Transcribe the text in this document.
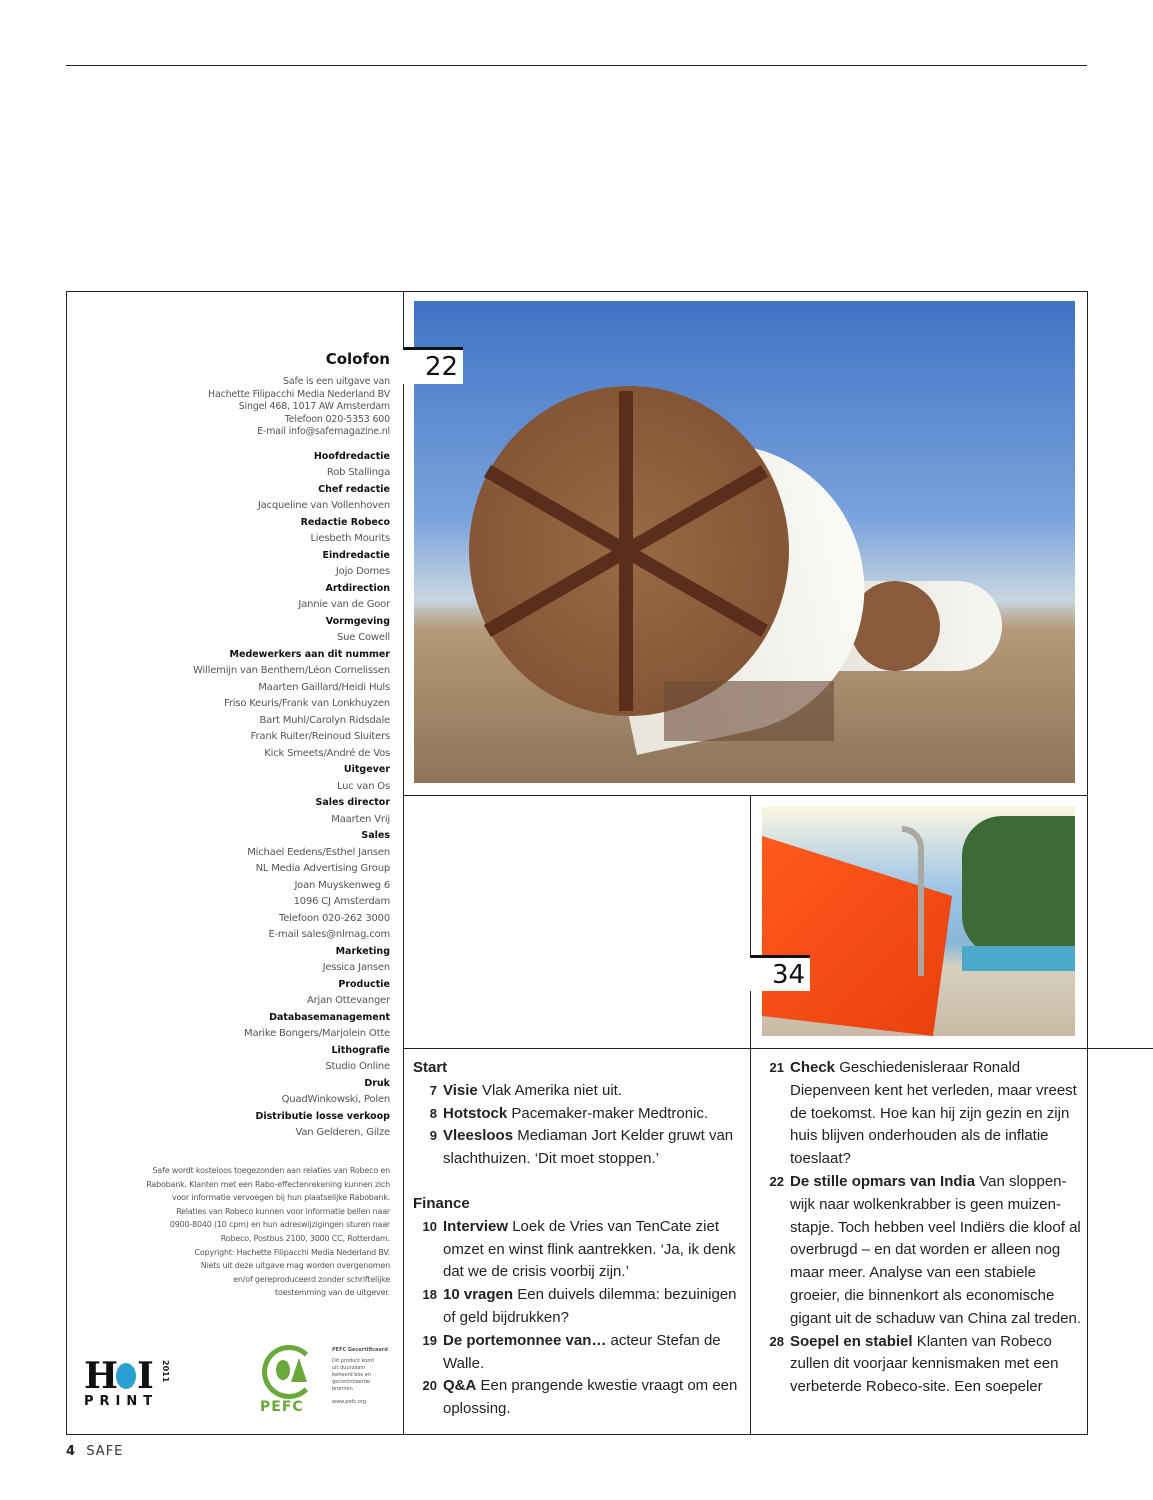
Colofon
Safe is een uitgave van
Hachette Filipacchi Media Nederland BV
Singel 468, 1017 AW Amsterdam
Telefoon 020-5353 600
E-mail info@safemagazine.nl
Hoofdredactie
Rob Stallinga
Chef redactie
Jacqueline van Vollenhoven
Redactie Robeco
Liesbeth Mourits
Eindredactie
Jojo Domes
Artdirection
Jannie van de Goor
Vormgeving
Sue Cowell
Medewerkers aan dit nummer
Willemijn van Benthem/Léon Cornelissen
Maarten Gaillard/Heidi Huls
Friso Keuris/Frank van Lonkhuyzen
Bart Muhl/Carolyn Ridsdale
Frank Ruiter/Reinoud Sluiters
Kick Smeets/André de Vos
Uitgever
Luc van Os
Sales director
Maarten Vrij
Sales
Michael Eedens/Esthel Jansen
NL Media Advertising Group
Joan Muyskenweg 6
1096 CJ Amsterdam
Telefoon 020-262 3000
E-mail sales@nlmag.com
Marketing
Jessica Jansen
Productie
Arjan Ottevanger
Databasemanagement
Marike Bongers/Marjolein Otte
Lithografie
Studio Online
Druk
QuadWinkowski, Polen
Distributie losse verkoop
Van Gelderen, Gilze
Safe wordt kosteloos toegezonden aan relaties van Robeco en
Rabobank. Klanten met een Rabo-effectenrekening kunnen zich
voor informatie vervoegen bij hun plaatselijke Rabobank.
Relaties van Robeco kunnen voor informatie bellen naar
0900-8040 (10 cpm) en hun adreswijzigingen sturen naar
Robeco, Postbus 2100, 3000 CC, Rotterdam.
Copyright: Hachette Filipacchi Media Nederland BV.
Niets uit deze uitgave mag worden overgenomen
en/of gereproduceerd zonder schriftelijke
toestemming van de uitgever.
H I
PRINT
2011
PEFC
PEFC Gecertificeerd
Dit product komt
uit duurzaam
beheerd bos en
gecontroleerde
bronnen
www.pefc.org
22
34
Start
7 Visie Vlak Amerika niet uit.
8 Hotstock Pacemaker-maker Medtronic.
9 Vleesloos Mediaman Jort Kelder gruwt van slachthuizen. ‘Dit moet stoppen.’
Finance
10 Interview Loek de Vries van TenCate ziet omzet en winst flink aantrekken. ‘Ja, ik denk dat we de crisis voorbij zijn.’
18 10 vragen Een duivels dilemma: bezuinigen of geld bijdrukken?
19 De portemonnee van… acteur Stefan de Walle.
20 Q&A Een prangende kwestie vraagt om een oplossing.
21 Check Geschiedenisleraar Ronald Diepenveen kent het verleden, maar vreest de toekomst. Hoe kan hij zijn gezin en zijn huis blijven onderhouden als de inflatie toeslaat?
22 De stille opmars van India Van sloppen-wijk naar wolkenkrabber is geen muizen-stapje. Toch hebben veel Indiërs die kloof al overbrugd – en dat worden er alleen nog maar meer. Analyse van een stabiele groeier, die binnenkort als economische gigant uit de schaduw van China zal treden.
28 Soepel en stabiel Klanten van Robeco zullen dit voorjaar kennismaken met een verbeterde Robeco-site. Een soepeler
4 SAFE
